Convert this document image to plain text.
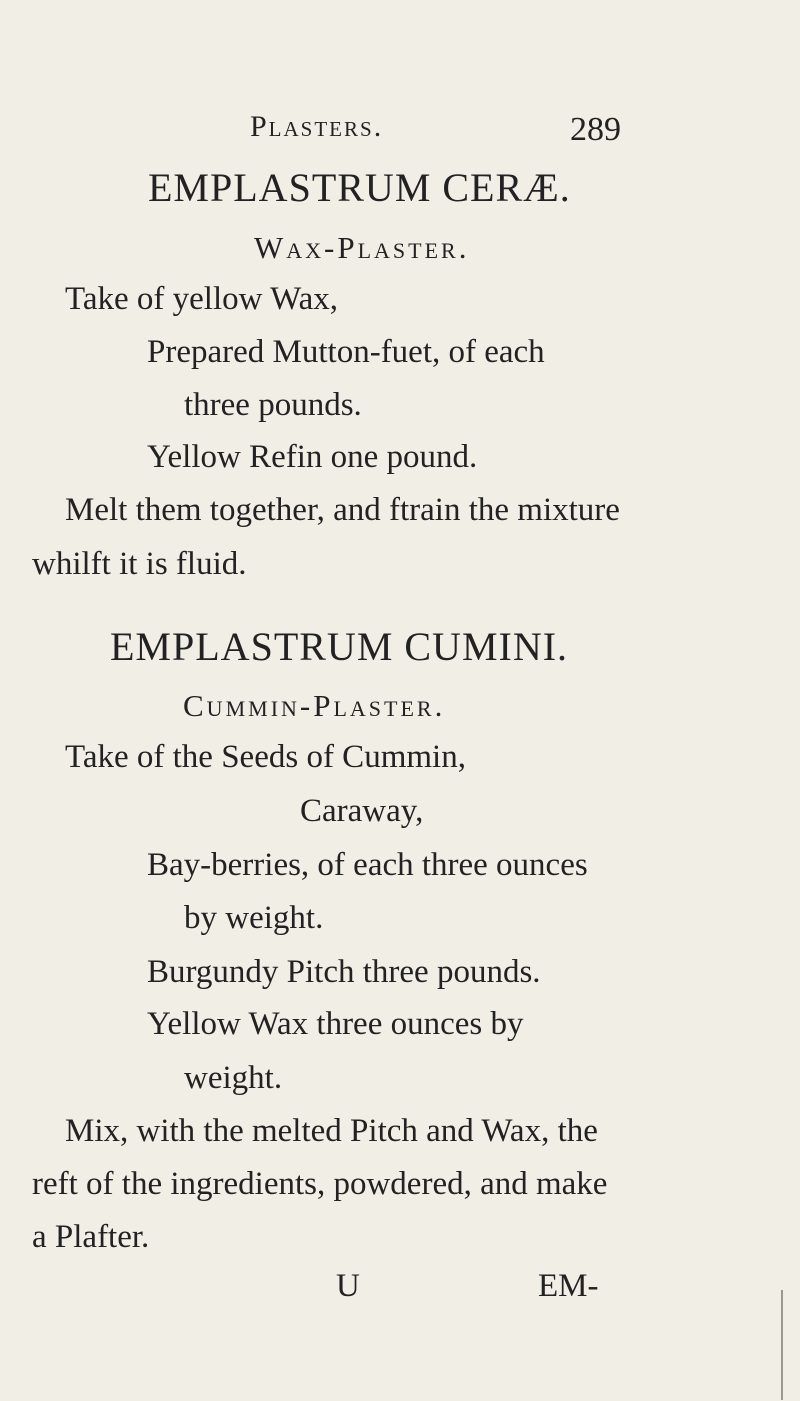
Plasters.	289
EMPLASTRUM CERÆ.
Wax-Plaster.
Take of yellow Wax,
Prepared Mutton-fuet, of each
three pounds.
Yellow Refin one pound.
Melt them together, and ftrain the mixture
whilft it is fluid.
EMPLASTRUM CUMINI.
Cummin-Plaster.
Take of the Seeds of Cummin,
Caraway,
Bay-berries, of each three ounces
by weight.
Burgundy Pitch three pounds.
Yellow Wax three ounces by
weight.
Mix, with the melted Pitch and Wax, the
reft of the ingredients, powdered, and make
a Plafter.
U	EM-
